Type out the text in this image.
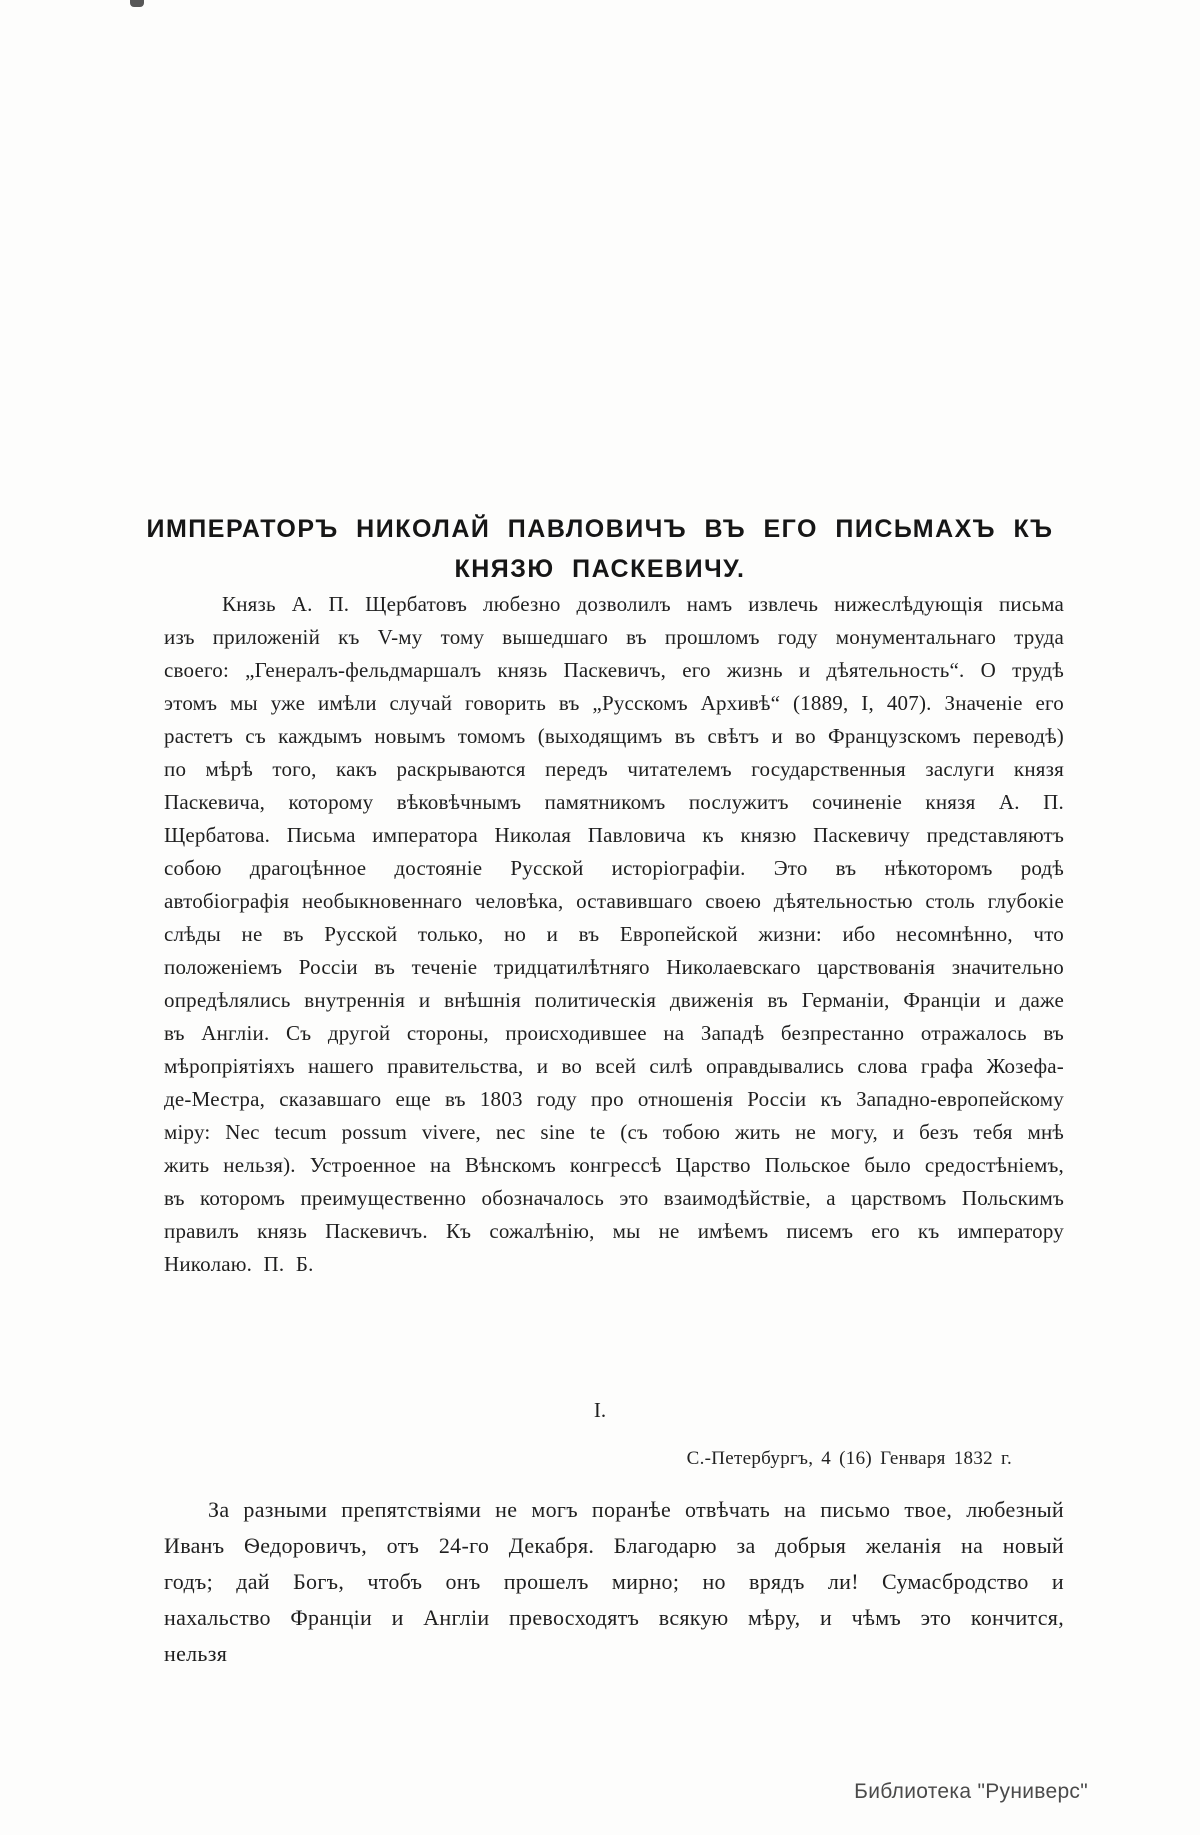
ИМПЕРАТОРЪ НИКОЛАЙ ПАВЛОВИЧЪ ВЪ ЕГО ПИСЬМАХЪ КЪ
КНЯЗЮ ПАСКЕВИЧУ.

Князь А. П. Щербатовъ любезно дозволилъ намъ извлечь нижеслѣдующія письма изъ приложеній къ V-му тому вышедшаго въ прошломъ году монументальнаго труда своего: „Генералъ-фельдмаршалъ князь Паскевичъ, его жизнь и дѣятельность“. О трудѣ этомъ мы уже имѣли случай говорить въ „Русскомъ Архивѣ“ (1889, I, 407). Значеніе его растетъ съ каждымъ новымъ томомъ (выходящимъ въ свѣтъ и во Французскомъ переводѣ) по мѣрѣ того, какъ раскрываются передъ читателемъ государственныя заслуги князя Паскевича, которому вѣковѣчнымъ памятникомъ послужитъ сочиненіе князя А. П. Щербатова. Письма императора Николая Павловича къ князю Паскевичу представляютъ собою драгоцѣнное достояніе Русской исторіографіи. Это въ нѣкоторомъ родѣ автобіографія необыкновеннаго человѣка, оставившаго своею дѣятельностью столь глубокіе слѣды не въ Русской только, но и въ Европейской жизни: ибо несомнѣнно, что положеніемъ Россіи въ теченіе тридцатилѣтняго Николаевскаго царствованія значительно опредѣлялись внутреннія и внѣшнія политическія движенія въ Германіи, Франціи и даже въ Англіи. Съ другой стороны, происходившее на Западѣ безпрестанно отражалось въ мѣропріятіяхъ нашего правительства, и во всей силѣ оправдывались слова графа Жозефа-де-Местра, сказавшаго еще въ 1803 году про отношенія Россіи къ Западно-европейскому міру: Nec tecum possum vivere, nec sine te (съ тобою жить не могу, и безъ тебя мнѣ жить нельзя). Устроенное на Вѣнскомъ конгрессѣ Царство Польское было средостѣніемъ, въ которомъ преимущественно обозначалось это взаимодѣйствіе, а царствомъ Польскимъ правилъ князь Паскевичъ. Къ сожалѣнію, мы не имѣемъ писемъ его къ императору Николаю. П. Б.

I.
С.-Петербургъ, 4 (16) Генваря 1832 г.

За разными препятствіями не могъ поранѣе отвѣчать на письмо твое, любезный Иванъ Ѳедоровичъ, отъ 24-го Декабря. Благодарю за добрыя желанія на новый годъ; дай Богъ, чтобъ онъ прошелъ мирно; но врядъ ли! Сумасбродство и нахальство Франціи и Англіи превосходятъ всякую мѣру, и чѣмъ это кончится, нельзя

Библиотека "Руниверс"
